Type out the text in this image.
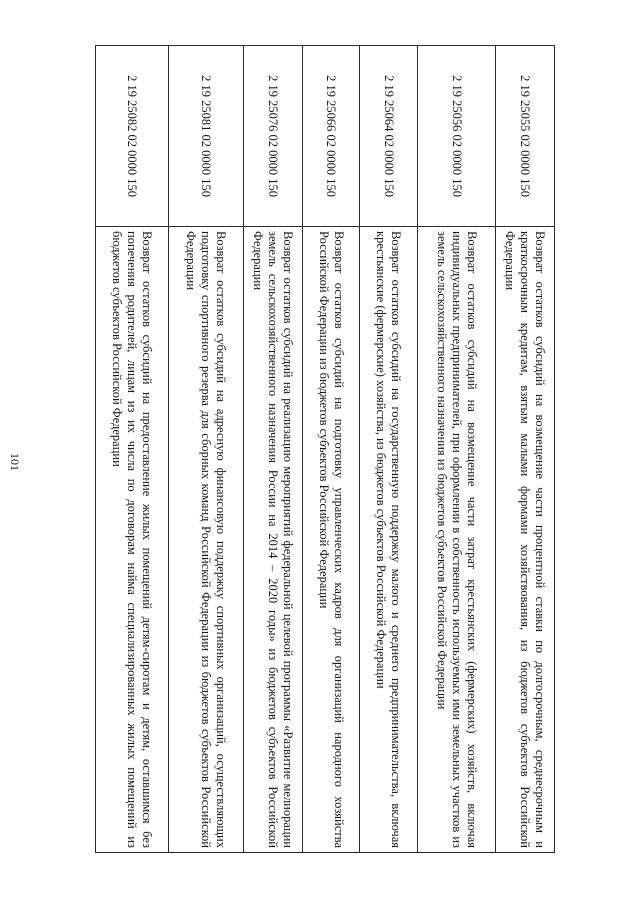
101
2 19 25055 02 0000 150	Возврат остатков субсидий на возмещение части процентной ставки по долгосрочным, среднесрочным и краткосрочным кредитам, взятым малыми формами хозяйствования, из бюджетов субъектов Российской Федерации
2 19 25056 02 0000 150	Возврат остатков субсидий на возмещение части затрат крестьянских (фермерских) хозяйств, включая индивидуальных предпринимателей, при оформлении в собственность используемых ими земельных участков из земель сельскохозяйственного назначения из бюджетов субъектов Российской Федерации
2 19 25064 02 0000 150	Возврат остатков субсидий на государственную поддержку малого и среднего предпринимательства, включая крестьянские (фермерские) хозяйства, из бюджетов субъектов Российской Федерации
2 19 25066 02 0000 150	Возврат остатков субсидий на подготовку управленческих кадров для организаций народного хозяйства Российской Федерации из бюджетов субъектов Российской Федерации
2 19 25076 02 0000 150	Возврат остатков субсидий на реализацию мероприятий федеральной целевой программы «Развитие мелиорации земель сельскохозяйственного назначения России на 2014 – 2020 годы» из бюджетов субъектов Российской Федерации
2 19 25081 02 0000 150	Возврат остатков субсидий на адресную финансовую поддержку спортивных организаций, осуществляющих подготовку спортивного резерва для сборных команд Российской Федерации из бюджетов субъектов Российской Федерации
2 19 25082 02 0000 150	Возврат остатков субсидий на предоставление жилых помещений детям-сиротам и детям, оставшимся без попечения родителей, лицам из их числа по договорам найма специализированных жилых помещений из бюджетов субъектов Российской Федерации
